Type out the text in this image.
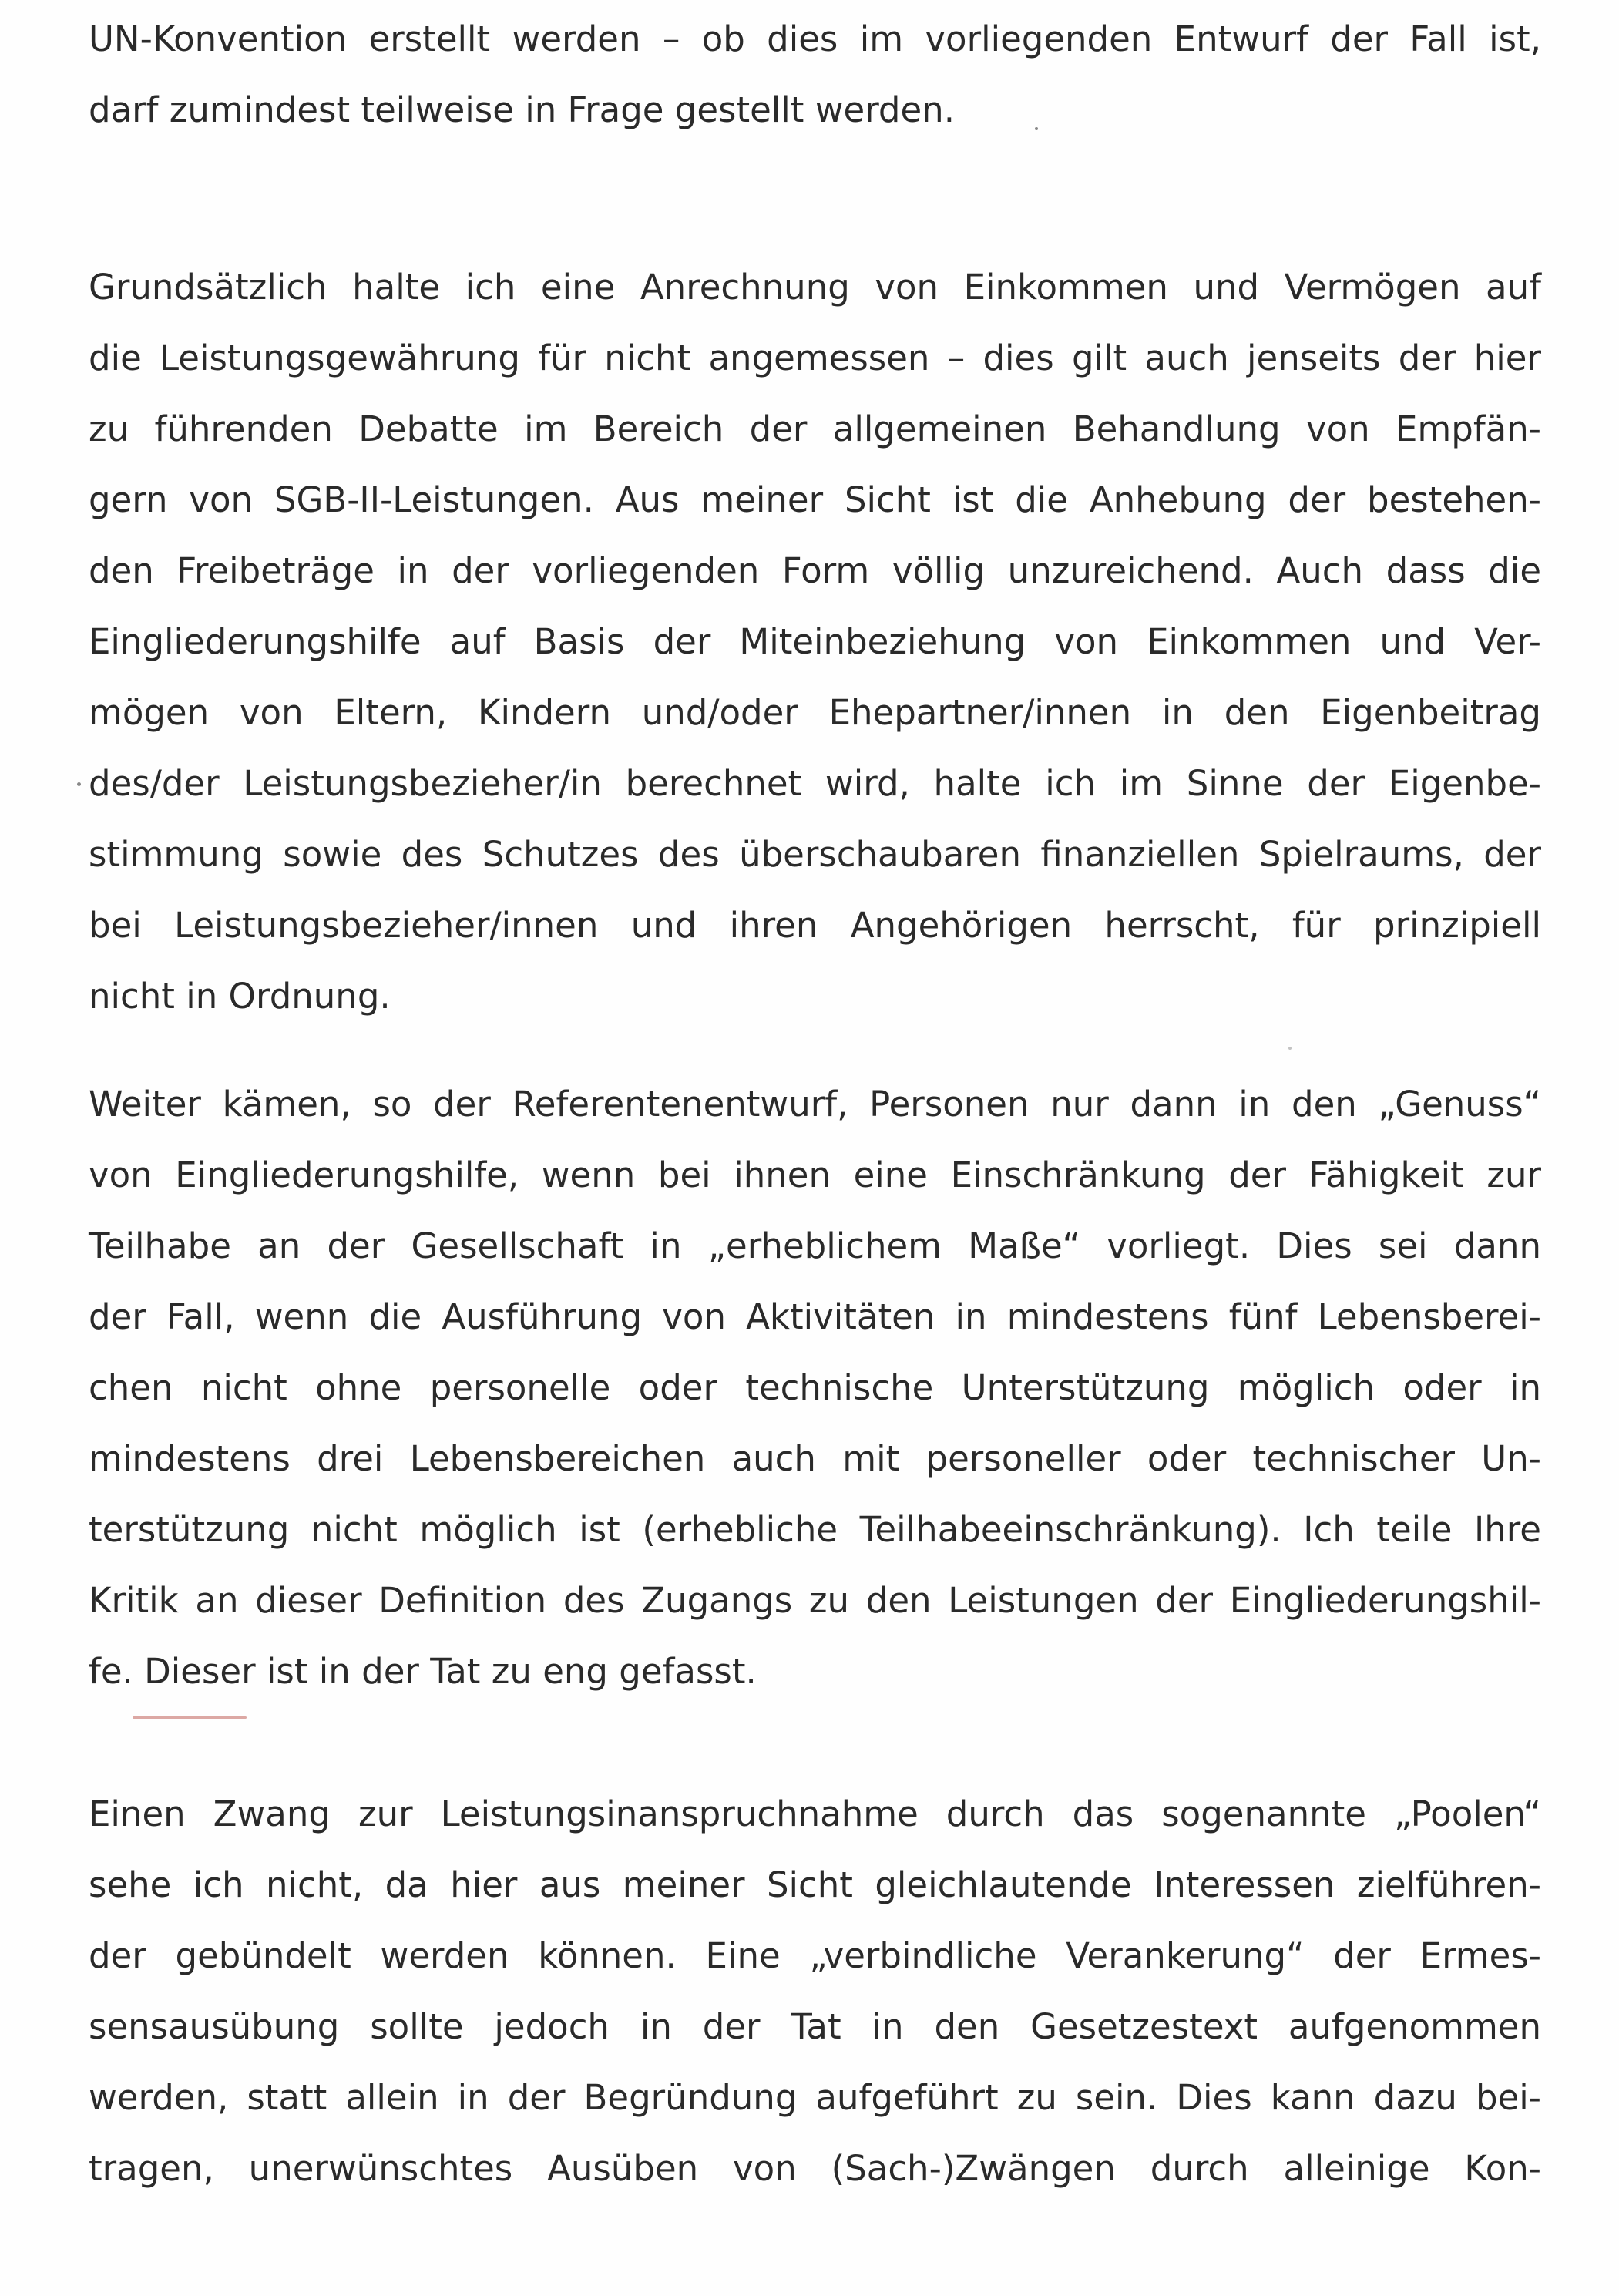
UN-Konvention erstellt werden – ob dies im vorliegenden Entwurf der Fall ist,
darf zumindest teilweise in Frage gestellt werden.
Grundsätzlich halte ich eine Anrechnung von Einkommen und Vermögen auf
die Leistungsgewährung für nicht angemessen – dies gilt auch jenseits der hier
zu führenden Debatte im Bereich der allgemeinen Behandlung von Empfän-
gern von SGB-II-Leistungen. Aus meiner Sicht ist die Anhebung der bestehen-
den Freibeträge in der vorliegenden Form völlig unzureichend. Auch dass die
Eingliederungshilfe auf Basis der Miteinbeziehung von Einkommen und Ver-
mögen von Eltern, Kindern und/oder Ehepartner/innen in den Eigenbeitrag
des/der Leistungsbezieher/in berechnet wird, halte ich im Sinne der Eigenbe-
stimmung sowie des Schutzes des überschaubaren finanziellen Spielraums, der
bei Leistungsbezieher/innen und ihren Angehörigen herrscht, für prinzipiell
nicht in Ordnung.
Weiter kämen, so der Referentenentwurf, Personen nur dann in den „Genuss“
von Eingliederungshilfe, wenn bei ihnen eine Einschränkung der Fähigkeit zur
Teilhabe an der Gesellschaft in „erheblichem Maße“ vorliegt. Dies sei dann
der Fall, wenn die Ausführung von Aktivitäten in mindestens fünf Lebensberei-
chen nicht ohne personelle oder technische Unterstützung möglich oder in
mindestens drei Lebensbereichen auch mit personeller oder technischer Un-
terstützung nicht möglich ist (erhebliche Teilhabeeinschränkung). Ich teile Ihre
Kritik an dieser Definition des Zugangs zu den Leistungen der Eingliederungshil-
fe. Dieser ist in der Tat zu eng gefasst.
Einen Zwang zur Leistungsinanspruchnahme durch das sogenannte „Poolen“
sehe ich nicht, da hier aus meiner Sicht gleichlautende Interessen zielführen-
der gebündelt werden können. Eine „verbindliche Verankerung“ der Ermes-
sensausübung sollte jedoch in der Tat in den Gesetzestext aufgenommen
werden, statt allein in der Begründung aufgeführt zu sein. Dies kann dazu bei-
tragen, unerwünschtes Ausüben von (Sach-)Zwängen durch alleinige Kon-
